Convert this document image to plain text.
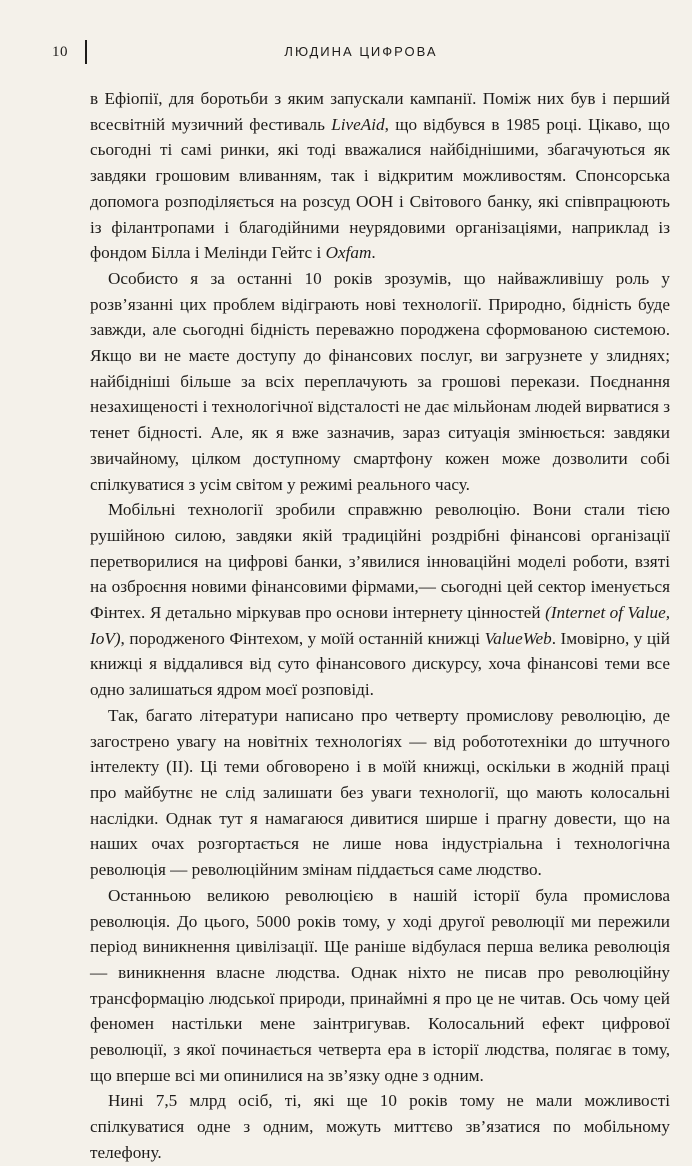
10	ЛЮДИНА ЦИФРОВА

в Ефіопії, для боротьби з яким запускали кампанії. Поміж них був і перший всесвітній музичний фестиваль LiveAid, що відбувся в 1985 році. Цікаво, що сьогодні ті самі ринки, які тоді вважалися найбіднішими, збагачуються як завдяки грошовим вливанням, так і відкритим можливостям. Спонсорська допомога розподіляється на розсуд ООН і Світового банку, які співпрацюють із філантропами і благодійними неурядовими організаціями, наприклад із фондом Білла і Мелінди Гейтс і Oxfam.

Особисто я за останні 10 років зрозумів, що найважливішу роль у розв’язанні цих проблем відіграють нові технології. Природно, бідність буде завжди, але сьогодні бідність переважно породжена сформованою системою. Якщо ви не маєте доступу до фінансових послуг, ви загрузнете у злиднях; найбідніші більше за всіх переплачують за грошові перекази. Поєднання незахищеності і технологічної відсталості не дає мільйонам людей вирватися з тенет бідності. Але, як я вже зазначив, зараз ситуація змінюється: завдяки звичайному, цілком доступному смартфону кожен може дозволити собі спілкуватися з усім світом у режимі реального часу.

Мобільні технології зробили справжню революцію. Вони стали тією рушійною силою, завдяки якій традиційні роздрібні фінансові організації перетворилися на цифрові банки, з’явилися інноваційні моделі роботи, взяті на озброєння новими фінансовими фірмами,— сьогодні цей сектор іменується Фінтех. Я детально міркував про основи інтернету цінностей (Internet of Value, IoV), породженого Фінтехом, у моїй останній книжці ValueWeb. Імовірно, у цій книжці я віддалився від суто фінансового дискурсу, хоча фінансові теми все одно залишаться ядром моєї розповіді.

Так, багато літератури написано про четверту промислову революцію, де загострено увагу на новітніх технологіях — від робототехніки до штучного інтелекту (ІІ). Ці теми обговорено і в моїй книжці, оскільки в жодній праці про майбутнє не слід залишати без уваги технології, що мають колосальні наслідки. Однак тут я намагаюся дивитися ширше і прагну довести, що на наших очах розгортається не лише нова індустріальна і технологічна революція — революційним змінам піддається саме людство.

Останньою великою революцією в нашій історії була промислова революція. До цього, 5000 років тому, у ході другої революції ми пережили період виникнення цивілізації. Ще раніше відбулася перша велика революція — виникнення власне людства. Однак ніхто не писав про революційну трансформацію людської природи, принаймні я про це не читав. Ось чому цей феномен настільки мене заінтригував. Колосальний ефект цифрової революції, з якої починається четверта ера в історії людства, полягає в тому, що вперше всі ми опинилися на зв’язку одне з одним.

Нині 7,5 млрд осіб, ті, які ще 10 років тому не мали можливості спілкуватися одне з одним, можуть миттєво зв’язатися по мобільному телефону.
